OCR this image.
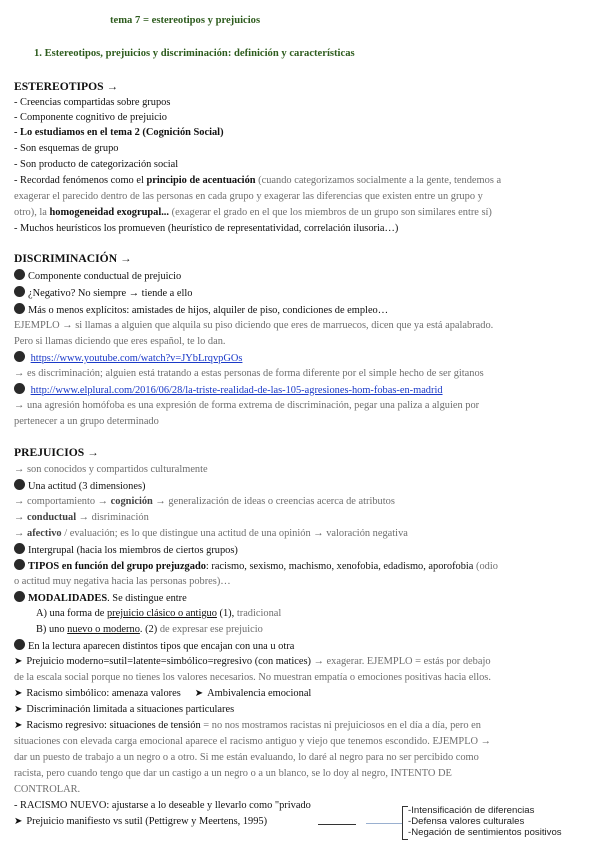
tema 7 = estereotipos y prejuicios
1. Estereotipos, prejuicios y discriminación: definición y características
ESTEREOTIPOS →
- Creencias compartidas sobre grupos
- Componente cognitivo de prejuicio
- Lo estudiamos en el tema 2 (Cognición Social)
- Son esquemas de grupo
- Son producto de categorización social
- Recordad fenómenos como el principio de acentuación (cuando categorizamos socialmente a la gente, tendemos a
exagerar el parecido dentro de las personas en cada grupo y exagerar las diferencias que existen entre un grupo y
otro), la homogeneidad exogrupal... (exagerar el grado en el que los miembros de un grupo son similares entre sí)
- Muchos heurísticos los promueven (heurístico de representatividad, correlación ilusoria…)
DISCRIMINACIÓN →
Componente conductual de prejuicio
¿Negativo? No siempre → tiende a ello
Más o menos explícitos: amistades de hijos, alquiler de piso, condiciones de empleo…
EJEMPLO → si llamas a alguien que alquila su piso diciendo que eres de marruecos, dicen que ya está apalabrado.
Pero si llamas diciendo que eres español, te lo dan.
https://www.youtube.com/watch?v=JYbLrqvpGOs
→ es discriminación; alguien está tratando a estas personas de forma diferente por el simple hecho de ser gitanos
http://www.elplural.com/2016/06/28/la-triste-realidad-de-las-105-agresiones-hom-fobas-en-madrid
→ una agresión homófoba es una expresión de forma extrema de discriminación, pegar una paliza a alguien por
pertenecer a un grupo determinado
PREJUICIOS →
→ son conocidos y compartidos culturalmente
Una actitud (3 dimensiones)
→ comportamiento → cognición → generalización de ideas o creencias acerca de atributos
→ conductual → disriminación
→ afectivo / evaluación; es lo que distingue una actitud de una opinión → valoración negativa
Intergrupal (hacia los miembros de ciertos grupos)
TIPOS en función del grupo prejuzgado: racismo, sexismo, machismo, xenofobia, edadismo, aporofobia (odio
o actitud muy negativa hacia las personas pobres)…
MODALIDADES. Se distingue entre
A) una forma de prejuicio clásico o antiguo (1), tradicional
B) uno nuevo o moderno. (2) de expresar ese prejuicio
En la lectura aparecen distintos tipos que encajan con una u otra
➤ Prejuicio moderno=sutil=latente=simbólico=regresivo (con matices) → exagerar. EJEMPLO = estás por debajo
de la escala social porque no tienes los valores necesarios. No muestran empatía o emociones positivas hacia ellos.
➤ Racismo simbólico: amenaza valores ➤ Ambivalencia emocional
➤ Discriminación limitada a situaciones particulares
➤ Racismo regresivo: situaciones de tensión = no nos mostramos racistas ni prejuiciosos en el día a día, pero en
situaciones con elevada carga emocional aparece el racismo antiguo y viejo que tenemos escondido. EJEMPLO →
dar un puesto de trabajo a un negro o a otro. Si me están evaluando, lo daré al negro para no ser percibido como
racista, pero cuando tengo que dar un castigo a un negro o a un blanco, se lo doy al negro, INTENTO DE
CONTROLAR.
- RACISMO NUEVO: ajustarse a lo deseable y llevarlo como "privado
➤ Prejuicio manifiesto vs sutil (Pettigrew y Meertens, 1995)
-Intensificación de diferencias
-Defensa valores culturales
-Negación de sentimientos positivos
